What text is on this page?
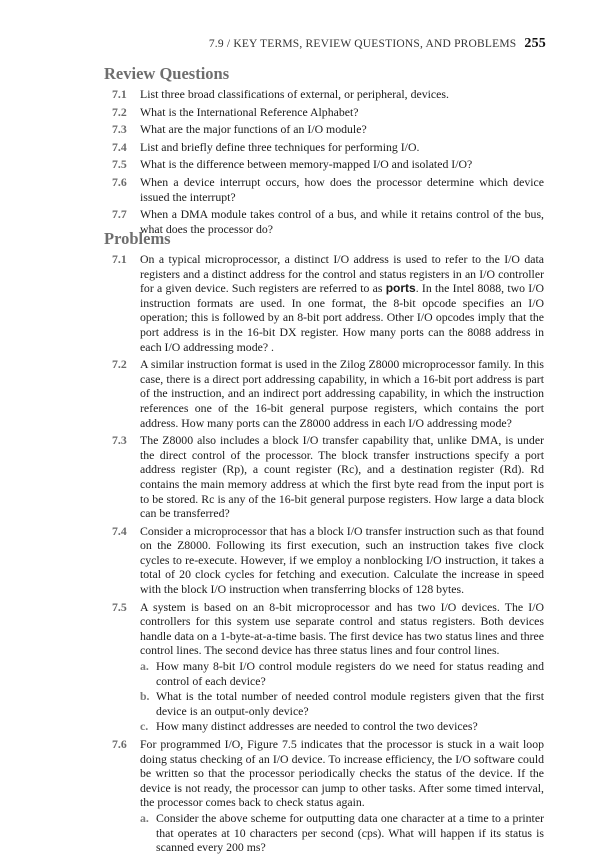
7.9 / KEY TERMS, REVIEW QUESTIONS, AND PROBLEMS 255
Review Questions
7.1	List three broad classifications of external, or peripheral, devices.
7.2	What is the International Reference Alphabet?
7.3	What are the major functions of an I/O module?
7.4	List and briefly define three techniques for performing I/O.
7.5	What is the difference between memory-mapped I/O and isolated I/O?
7.6	When a device interrupt occurs, how does the processor determine which device issued the interrupt?
7.7	When a DMA module takes control of a bus, and while it retains control of the bus, what does the processor do?
Problems
7.1	On a typical microprocessor, a distinct I/O address is used to refer to the I/O data registers and a distinct address for the control and status registers in an I/O controller for a given device. Such registers are referred to as ports. In the Intel 8088, two I/O instruction formats are used. In one format, the 8-bit opcode specifies an I/O operation; this is followed by an 8-bit port address. Other I/O opcodes imply that the port address is in the 16-bit DX register. How many ports can the 8088 address in each I/O addressing mode? .
7.2	A similar instruction format is used in the Zilog Z8000 microprocessor family. In this case, there is a direct port addressing capability, in which a 16-bit port address is part of the instruction, and an indirect port addressing capability, in which the instruction references one of the 16-bit general purpose registers, which contains the port address. How many ports can the Z8000 address in each I/O addressing mode?
7.3	The Z8000 also includes a block I/O transfer capability that, unlike DMA, is under the direct control of the processor. The block transfer instructions specify a port address register (Rp), a count register (Rc), and a destination register (Rd). Rd contains the main memory address at which the first byte read from the input port is to be stored. Rc is any of the 16-bit general purpose registers. How large a data block can be transferred?
7.4	Consider a microprocessor that has a block I/O transfer instruction such as that found on the Z8000. Following its first execution, such an instruction takes five clock cycles to re-execute. However, if we employ a nonblocking I/O instruction, it takes a total of 20 clock cycles for fetching and execution. Calculate the increase in speed with the block I/O instruction when transferring blocks of 128 bytes.
7.5	A system is based on an 8-bit microprocessor and has two I/O devices. The I/O controllers for this system use separate control and status registers. Both devices handle data on a 1-byte-at-a-time basis. The first device has two status lines and three control lines. The second device has three status lines and four control lines.
a. How many 8-bit I/O control module registers do we need for status reading and control of each device?
b. What is the total number of needed control module registers given that the first device is an output-only device?
c. How many distinct addresses are needed to control the two devices?
7.6	For programmed I/O, Figure 7.5 indicates that the processor is stuck in a wait loop doing status checking of an I/O device. To increase efficiency, the I/O software could be written so that the processor periodically checks the status of the device. If the device is not ready, the processor can jump to other tasks. After some timed interval, the processor comes back to check status again.
a. Consider the above scheme for outputting data one character at a time to a printer that operates at 10 characters per second (cps). What will happen if its status is scanned every 200 ms?
